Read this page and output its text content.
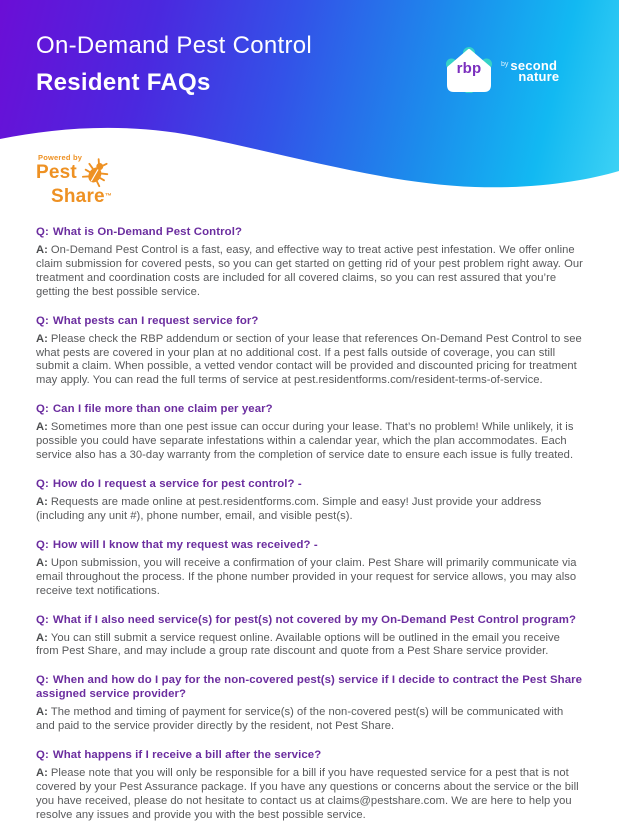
On-Demand Pest Control
Resident FAQs
rbp	by second
nature
Powered by
Pest
Share™
Q: What is On-Demand Pest Control?

A: On-Demand Pest Control is a fast, easy, and effective way to treat active pest infestation. We offer online claim submission for covered pests, so you can get started on getting rid of your pest problem right away. Our treatment and coordination costs are included for all covered claims, so you can rest assured that you’re getting the best possible service.

Q: What pests can I request service for?

A: Please check the RBP addendum or section of your lease that references On-Demand Pest Control to see what pests are covered in your plan at no additional cost. If a pest falls outside of coverage, you can still submit a claim. When possible, a vetted vendor contact will be provided and discounted pricing for treatment may apply. You can read the full terms of service at pest.residentforms.com/resident-terms-of-service.

Q: Can I file more than one claim per year?

A: Sometimes more than one pest issue can occur during your lease. That’s no problem! While unlikely, it is possible you could have separate infestations within a calendar year, which the plan accommodates. Each service also has a 30-day warranty from the completion of service date to ensure each issue is fully treated.

Q: How do I request a service for pest control? -

A: Requests are made online at pest.residentforms.com. Simple and easy! Just provide your address (including any unit #), phone number, email, and visible pest(s).

Q: How will I know that my request was received? -

A: Upon submission, you will receive a confirmation of your claim. Pest Share will primarily communicate via email throughout the process. If the phone number provided in your request for service allows, you may also receive text notifications.

Q: What if I also need service(s) for pest(s) not covered by my On-Demand Pest Control program?

A: You can still submit a service request online. Available options will be outlined in the email you receive from Pest Share, and may include a group rate discount and quote from a Pest Share service provider.

Q: When and how do I pay for the non-covered pest(s) service if I decide to contract the Pest Share assigned service provider?

A: The method and timing of payment for service(s) of the non-covered pest(s) will be communicated with and paid to the service provider directly by the resident, not Pest Share.

Q: What happens if I receive a bill after the service?

A: Please note that you will only be responsible for a bill if you have requested service for a pest that is not covered by your Pest Assurance package. If you have any questions or concerns about the service or the bill you have received, please do not hesitate to contact us at claims@pestshare.com. We are here to help you resolve any issues and provide you with the best possible service.
